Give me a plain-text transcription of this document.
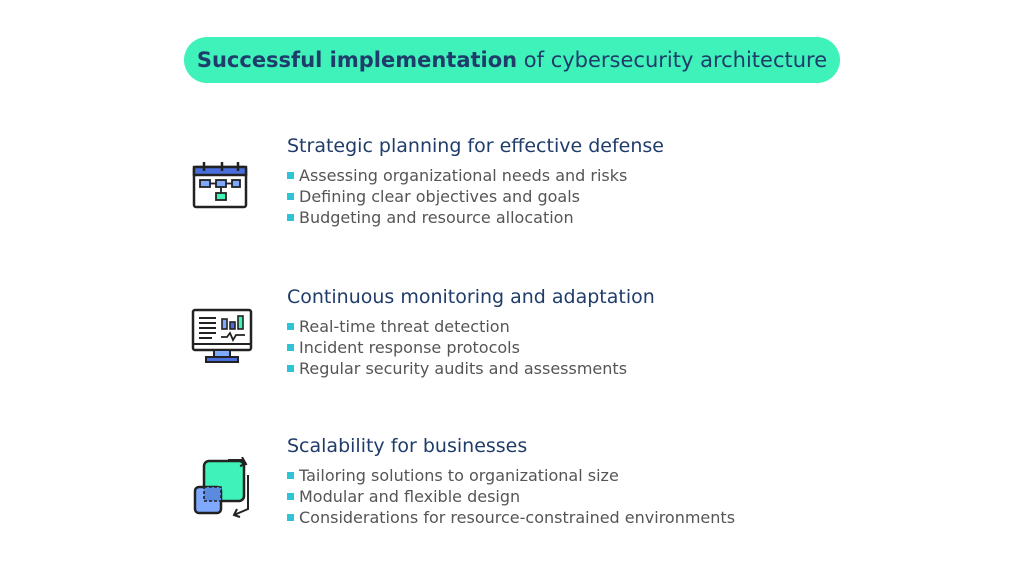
Successful implementation of cybersecurity architecture
Strategic planning for effective defense
Assessing organizational needs and risks
Defining clear objectives and goals
Budgeting and resource allocation
Continuous monitoring and adaptation
Real-time threat detection
Incident response protocols
Regular security audits and assessments
Scalability for businesses
Tailoring solutions to organizational size
Modular and flexible design
Considerations for resource-constrained environments
